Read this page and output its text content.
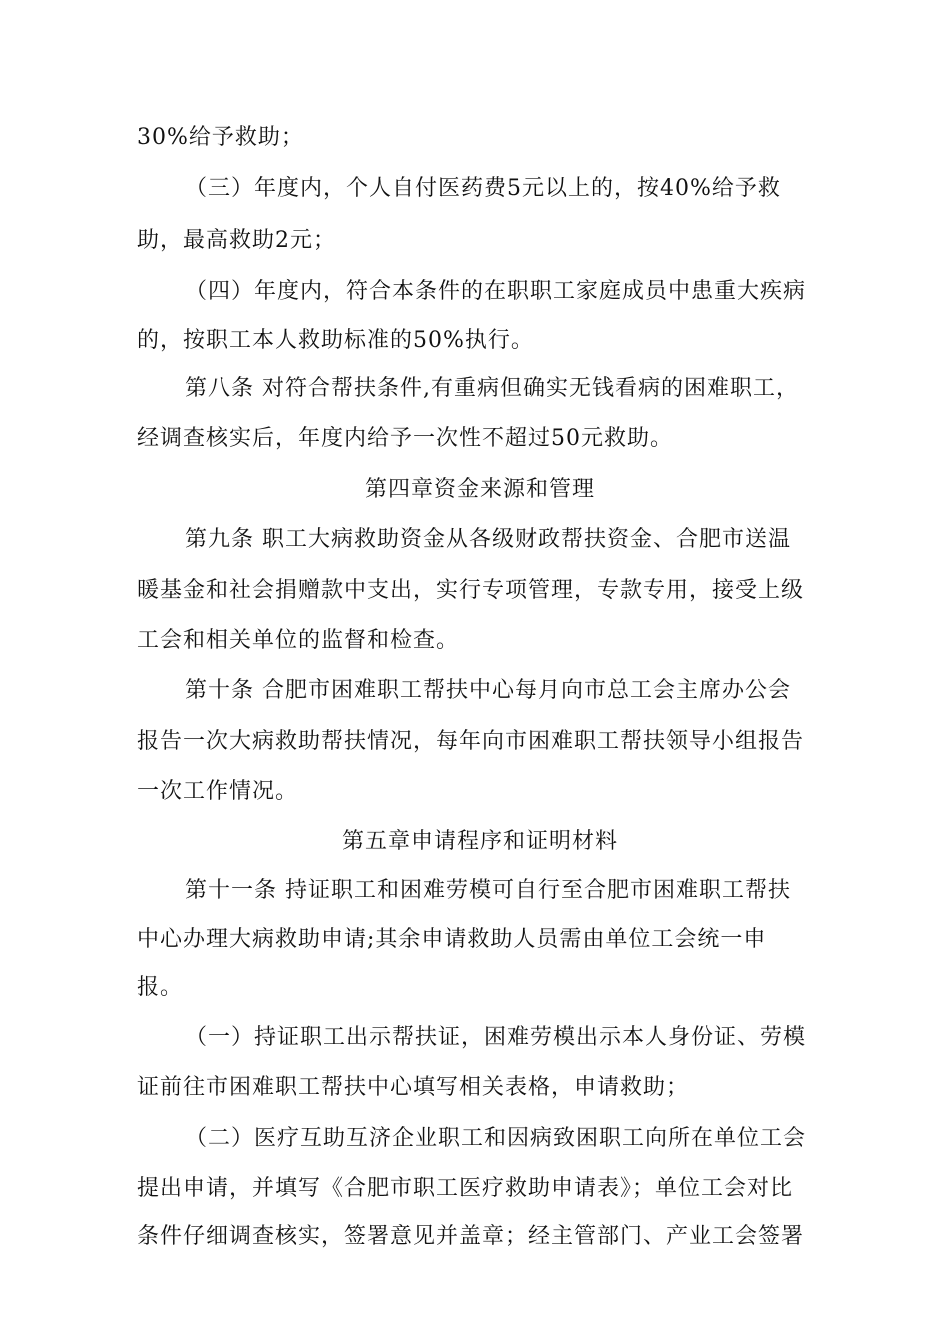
30%给予救助；
（三）年度内，个人自付医药费5元以上的，按40%给予救
助，最高救助2元；
（四）年度内，符合本条件的在职职工家庭成员中患重大疾病
的，按职工本人救助标准的50%执行。
第八条 对符合帮扶条件,有重病但确实无钱看病的困难职工，
经调查核实后，年度内给予一次性不超过50元救助。
第四章资金来源和管理
第九条 职工大病救助资金从各级财政帮扶资金、合肥市送温
暖基金和社会捐赠款中支出，实行专项管理，专款专用，接受上级
工会和相关单位的监督和检查。
第十条 合肥市困难职工帮扶中心每月向市总工会主席办公会
报告一次大病救助帮扶情况，每年向市困难职工帮扶领导小组报告
一次工作情况。
第五章申请程序和证明材料
第十一条 持证职工和困难劳模可自行至合肥市困难职工帮扶
中心办理大病救助申请;其余申请救助人员需由单位工会统一申
报。
（一）持证职工出示帮扶证，困难劳模出示本人身份证、劳模
证前往市困难职工帮扶中心填写相关表格，申请救助；
（二）医疗互助互济企业职工和因病致困职工向所在单位工会
提出申请，并填写《合肥市职工医疗救助申请表》；单位工会对比
条件仔细调查核实，签署意见并盖章；经主管部门、产业工会签署
